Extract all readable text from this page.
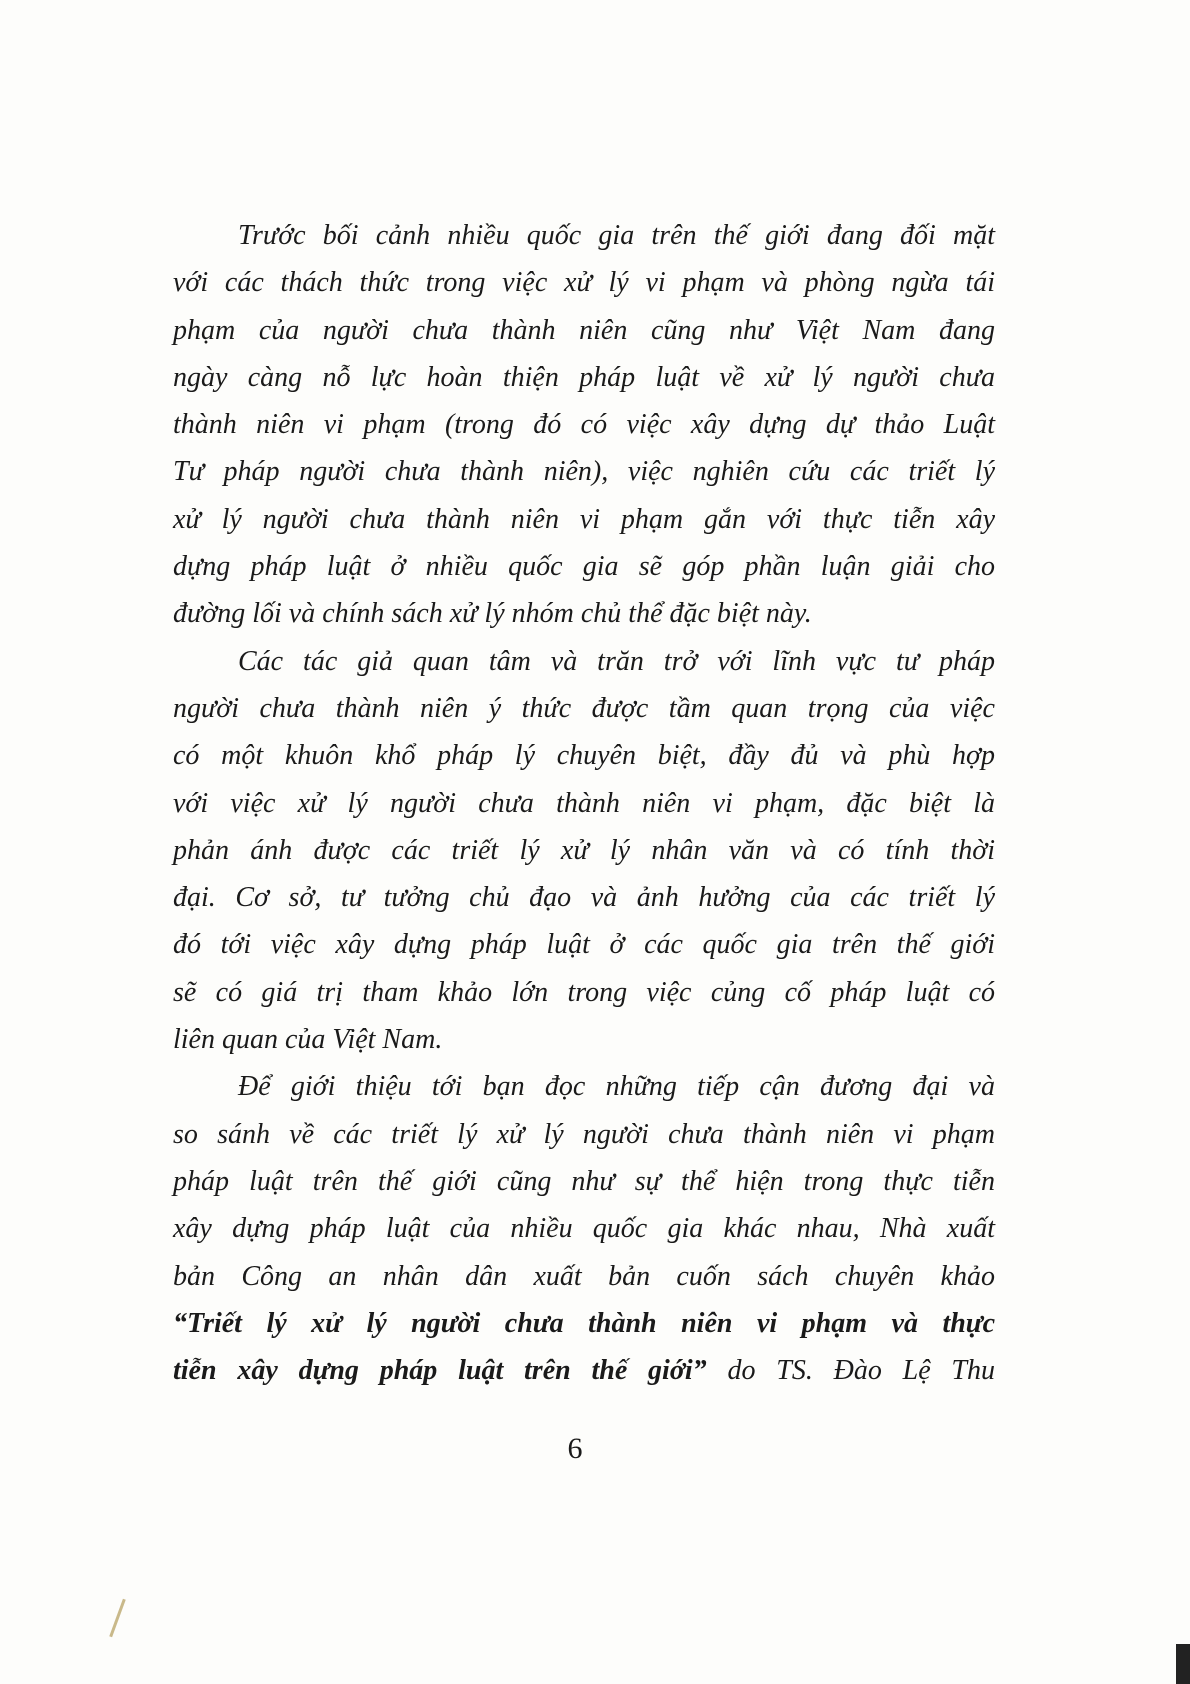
Trước bối cảnh nhiều quốc gia trên thế giới đang đối mặt
với các thách thức trong việc xử lý vi phạm và phòng ngừa tái
phạm của người chưa thành niên cũng như Việt Nam đang
ngày càng nỗ lực hoàn thiện pháp luật về xử lý người chưa
thành niên vi phạm (trong đó có việc xây dựng dự thảo Luật
Tư pháp người chưa thành niên), việc nghiên cứu các triết lý
xử lý người chưa thành niên vi phạm gắn với thực tiễn xây
dựng pháp luật ở nhiều quốc gia sẽ góp phần luận giải cho
đường lối và chính sách xử lý nhóm chủ thể đặc biệt này.
Các tác giả quan tâm và trăn trở với lĩnh vực tư pháp
người chưa thành niên ý thức được tầm quan trọng của việc
có một khuôn khổ pháp lý chuyên biệt, đầy đủ và phù hợp
với việc xử lý người chưa thành niên vi phạm, đặc biệt là
phản ánh được các triết lý xử lý nhân văn và có tính thời
đại. Cơ sở, tư tưởng chủ đạo và ảnh hưởng của các triết lý
đó tới việc xây dựng pháp luật ở các quốc gia trên thế giới
sẽ có giá trị tham khảo lớn trong việc củng cố pháp luật có
liên quan của Việt Nam.
Để giới thiệu tới bạn đọc những tiếp cận đương đại và
so sánh về các triết lý xử lý người chưa thành niên vi phạm
pháp luật trên thế giới cũng như sự thể hiện trong thực tiễn
xây dựng pháp luật của nhiều quốc gia khác nhau, Nhà xuất
bản Công an nhân dân xuất bản cuốn sách chuyên khảo
“Triết lý xử lý người chưa thành niên vi phạm và thực
tiễn xây dựng pháp luật trên thế giới” do TS. Đào Lệ Thu
6
